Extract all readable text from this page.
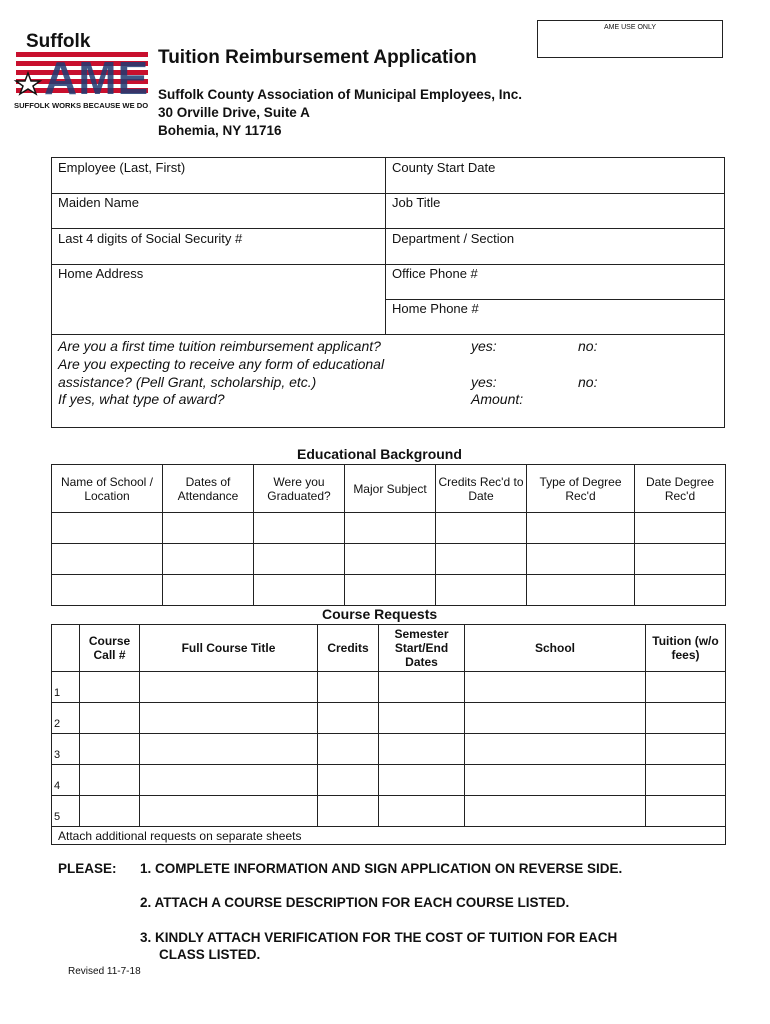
AME USE ONLY
Suffolk
AME
SUFFOLK WORKS BECAUSE WE DO
Tuition Reimbursement Application
Suffolk County Association of Municipal Employees, Inc.
30 Orville Drive, Suite A
Bohemia, NY 11716
Employee (Last, First)	County Start Date
Maiden Name	Job Title
Last 4 digits of Social Security #	Department / Section
Home Address	Office Phone #
Home Phone #
Are you a first time tuition reimbursement applicant?	yes:	no:
Are you expecting to receive any form of educational
assistance? (Pell Grant, scholarship, etc.)	yes:	no:
If yes, what type of award?	Amount:
Educational Background
Name of School / Location	Dates of Attendance	Were you Graduated?	Major Subject	Credits Rec'd to Date	Type of Degree Rec'd	Date Degree Rec'd

Course Requests
	Course Call #	Full Course Title	Credits	Semester Start/End Dates	School	Tuition (w/o fees)
1						
2						
3						
4						
5						
Attach additional requests on separate sheets						
PLEASE: 1. COMPLETE INFORMATION AND SIGN APPLICATION ON REVERSE SIDE.
2. ATTACH A COURSE DESCRIPTION FOR EACH COURSE LISTED.
3. KINDLY ATTACH VERIFICATION FOR THE COST OF TUITION FOR EACH
CLASS LISTED.
Revised 11-7-18
